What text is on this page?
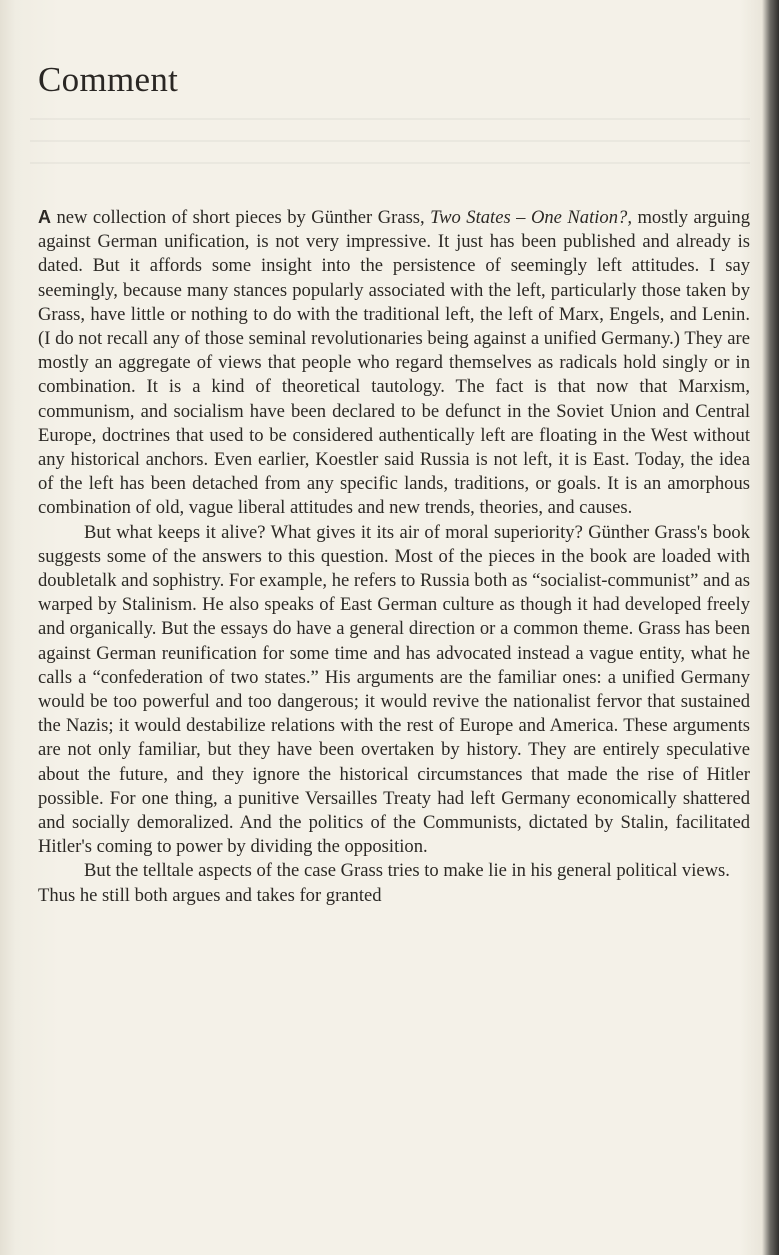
Comment

A new collection of short pieces by Günther Grass, Two States – One Nation?, mostly arguing against German unification, is not very impressive. It just has been published and already is dated. But it affords some insight into the persistence of seemingly left attitudes. I say seemingly, because many stances popularly associated with the left, particularly those taken by Grass, have little or nothing to do with the traditional left, the left of Marx, Engels, and Lenin. (I do not recall any of those seminal revolutionaries being against a unified Germany.) They are mostly an aggregate of views that people who regard themselves as radicals hold singly or in combination. It is a kind of theoretical tautology. The fact is that now that Marxism, communism, and socialism have been declared to be defunct in the Soviet Union and Central Europe, doctrines that used to be considered authentically left are floating in the West without any historical anchors. Even earlier, Koestler said Russia is not left, it is East. Today, the idea of the left has been detached from any specific lands, traditions, or goals. It is an amorphous combination of old, vague liberal attitudes and new trends, theories, and causes.

But what keeps it alive? What gives it its air of moral superiority? Günther Grass's book suggests some of the answers to this question. Most of the pieces in the book are loaded with doubletalk and sophistry. For example, he refers to Russia both as “socialist-communist” and as warped by Stalinism. He also speaks of East German culture as though it had developed freely and organically. But the essays do have a general direction or a common theme. Grass has been against German reunification for some time and has advocated instead a vague entity, what he calls a “confederation of two states.” His arguments are the familiar ones: a unified Germany would be too powerful and too dangerous; it would revive the nationalist fervor that sustained the Nazis; it would destabilize relations with the rest of Europe and America. These arguments are not only familiar, but they have been overtaken by history. They are entirely speculative about the future, and they ignore the historical circumstances that made the rise of Hitler possible. For one thing, a punitive Versailles Treaty had left Germany economically shattered and socially demoralized. And the politics of the Communists, dictated by Stalin, facilitated Hitler's coming to power by dividing the opposition.

But the telltale aspects of the case Grass tries to make lie in his general political views. Thus he still both argues and takes for granted
